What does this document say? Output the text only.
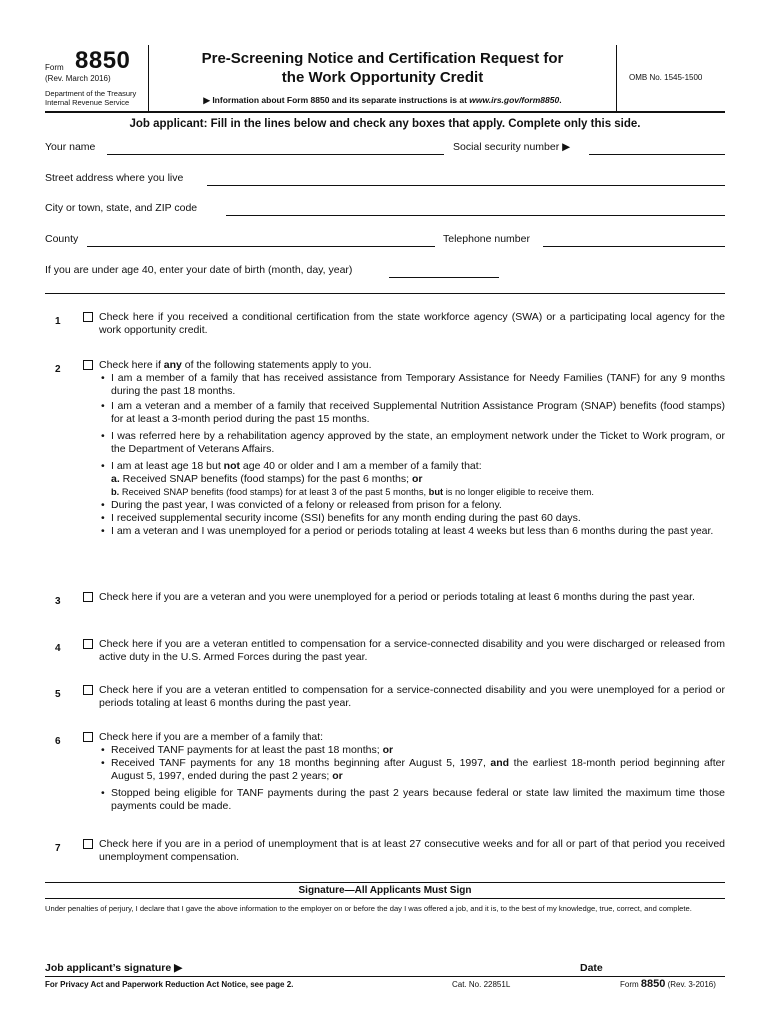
Form 8850
(Rev. March 2016)
Department of the Treasury
Internal Revenue Service
Pre-Screening Notice and Certification Request for
the Work Opportunity Credit
▶ Information about Form 8850 and its separate instructions is at www.irs.gov/form8850.
OMB No. 1545-1500
Job applicant: Fill in the lines below and check any boxes that apply. Complete only this side.
Your name	Social security number ▶
Street address where you live
City or town, state, and ZIP code
County	Telephone number
If you are under age 40, enter your date of birth (month, day, year)
1	Check here if you received a conditional certification from the state workforce agency (SWA) or a participating local agency for the work opportunity credit.
2	Check here if any of the following statements apply to you.
• I am a member of a family that has received assistance from Temporary Assistance for Needy Families (TANF) for any 9 months during the past 18 months.
• I am a veteran and a member of a family that received Supplemental Nutrition Assistance Program (SNAP) benefits (food stamps) for at least a 3-month period during the past 15 months.
• I was referred here by a rehabilitation agency approved by the state, an employment network under the Ticket to Work program, or the Department of Veterans Affairs.
• I am at least age 18 but not age 40 or older and I am a member of a family that:
a. Received SNAP benefits (food stamps) for the past 6 months; or
b. Received SNAP benefits (food stamps) for at least 3 of the past 5 months, but is no longer eligible to receive them.
• During the past year, I was convicted of a felony or released from prison for a felony.
• I received supplemental security income (SSI) benefits for any month ending during the past 60 days.
• I am a veteran and I was unemployed for a period or periods totaling at least 4 weeks but less than 6 months during the past year.
3	Check here if you are a veteran and you were unemployed for a period or periods totaling at least 6 months during the past year.
4	Check here if you are a veteran entitled to compensation for a service-connected disability and you were discharged or released from active duty in the U.S. Armed Forces during the past year.
5	Check here if you are a veteran entitled to compensation for a service-connected disability and you were unemployed for a period or periods totaling at least 6 months during the past year.
6	Check here if you are a member of a family that:
• Received TANF payments for at least the past 18 months; or
• Received TANF payments for any 18 months beginning after August 5, 1997, and the earliest 18-month period beginning after August 5, 1997, ended during the past 2 years; or
• Stopped being eligible for TANF payments during the past 2 years because federal or state law limited the maximum time those payments could be made.
7	Check here if you are in a period of unemployment that is at least 27 consecutive weeks and for all or part of that period you received unemployment compensation.
Signature—All Applicants Must Sign
Under penalties of perjury, I declare that I gave the above information to the employer on or before the day I was offered a job, and it is, to the best of my knowledge, true, correct, and complete.
Job applicant’s signature ▶	Date
For Privacy Act and Paperwork Reduction Act Notice, see page 2.	Cat. No. 22851L	Form 8850 (Rev. 3-2016)
